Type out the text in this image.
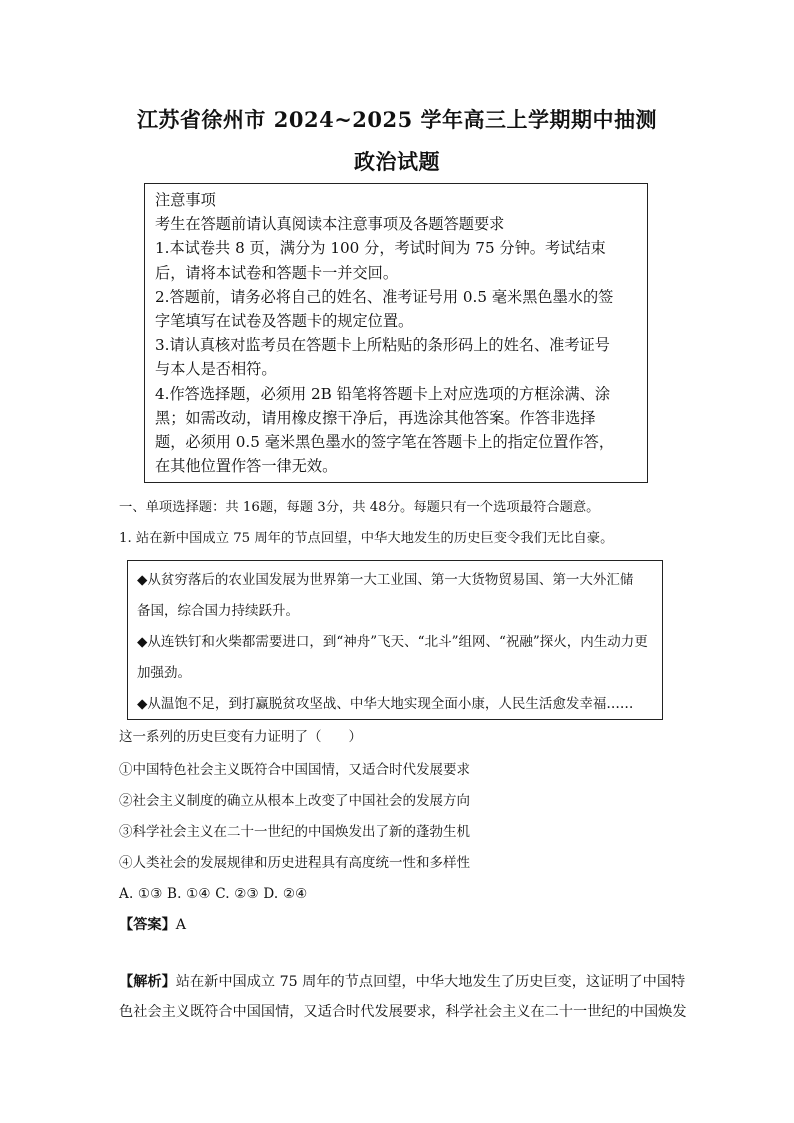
江苏省徐州市 2024~2025 学年高三上学期期中抽测
政治试题

注意事项

考生在答题前请认真阅读本注意事项及各题答题要求

1.本试卷共 8 页，满分为 100 分，考试时间为 75 分钟。考试结束

后，请将本试卷和答题卡一并交回。

2.答题前，请务必将自己的姓名、准考证号用 0.5 毫米黑色墨水的签

字笔填写在试卷及答题卡的规定位置。

3.请认真核对监考员在答题卡上所粘贴的条形码上的姓名、准考证号

与本人是否相符。

4.作答选择题，必须用 2B 铅笔将答题卡上对应选项的方框涂满、涂

黑；如需改动，请用橡皮擦干净后，再选涂其他答案。作答非选择

题，必须用 0.5 毫米黑色墨水的签字笔在答题卡上的指定位置作答，

在其他位置作答一律无效。

一、单项选择题：共 16题，每题 3分，共 48分。每题只有一个选项最符合题意。
1. 站在新中国成立 75 周年的节点回望，中华大地发生的历史巨变令我们无比自豪。

◆从贫穷落后的农业国发展为世界第一大工业国、第一大货物贸易国、第一大外汇储

备国，综合国力持续跃升。

◆从连铁钉和火柴都需要进口，到“神舟”飞天、“北斗”组网、“祝融”探火，内生动力更

加强劲。

◆从温饱不足，到打赢脱贫攻坚战、中华大地实现全面小康，人民生活愈发幸福……

这一系列的历史巨变有力证明了（　　）
①中国特色社会主义既符合中国国情，又适合时代发展要求
②社会主义制度的确立从根本上改变了中国社会的发展方向
③科学社会主义在二十一世纪的中国焕发出了新的蓬勃生机
④人类社会的发展规律和历史进程具有高度统一性和多样性
A. ①③ B. ①④ C. ②③ D. ②④
【答案】A

【解析】站在新中国成立 75 周年的节点回望，中华大地发生了历史巨变，这证明了中国特

色社会主义既符合中国国情，又适合时代发展要求，科学社会主义在二十一世纪的中国焕发
